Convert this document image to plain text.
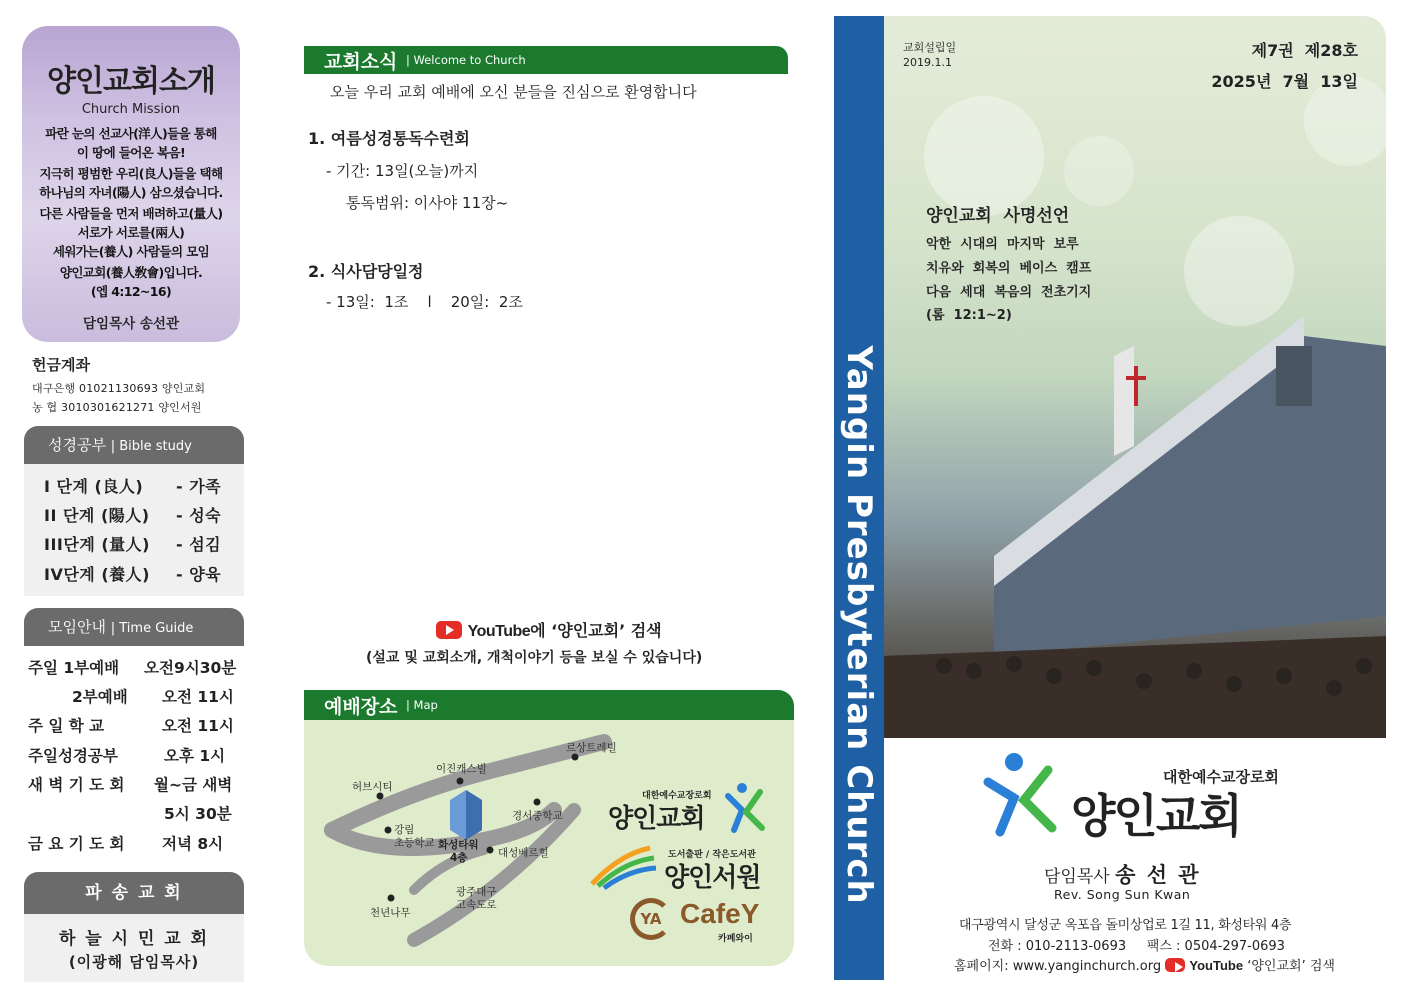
양인교회소개
Church Mission

파란 눈의 선교사(洋人)들을 통해
이 땅에 들어온 복음!

지극히 평범한 우리(良人)들을 택해
하나님의 자녀(陽人) 삼으셨습니다.

다른 사람들을 먼저 배려하고(量人)
서로가 서로를(兩人)
세워가는(養人) 사람들의 모임

양인교회(養人敎會)입니다.
(엡 4:12~16)

담임목사 송선관
헌금계좌
대구은행 01021130693 양인교회
농 협 3010301621271 양인서원
성경공부 | Bible study
I 단계 (良人) - 가족
II 단계 (陽人) - 성숙
III단계 (量人) - 섬김
IV단계 (養人) - 양육
모임안내 | Time Guide
주일 1부예배 오전9시30분
2부예배 오전 11시
주 일 학 교	오전 11시
주일성경공부	오후 1시
새 벽 기 도 회 월~금 새벽
5시 30분
금 요 기 도 회 저녁 8시
파 송 교 회
하 늘 시 민 교 회
(이광해 담임목사)
교회소식 | Welcome to Church
오늘 우리 교회 예배에 오신 분들을 진심으로 환영합니다
1. 여름성경통독수련회
- 기간: 13일(오늘)까지
통독범위: 이사야 11장~
2. 식사담당일정
- 13일:  1조    l    20일:  2조
YouTube에 ‘양인교회’ 검색
(설교 및 교회소개, 개척이야기 등을 보실 수 있습니다)
예배장소 | Map
르상트레빌
이진캐스빌
허브시티
경서중학교
강림
초등학교 화성타워
4층	대성베르힐
광주대구
고속도로
천년나무
대한예수교장로회
양인교회
도서출판 / 작은도서관
양인서원
YA CafeY
카페와이
Yangin Presbyterian Church
교회설립일
2019.1.1
제7권  제28호
2025년  7월  13일
양인교회  사명선언
악한  시대의  마지막  보루
치유와  회복의  베이스  캠프
다음  세대  복음의  전초기지
(롬  12:1~2)
대한예수교장로회
양인교회
담임목사 송 선 관
Rev. Song Sun Kwan
대구광역시 달성군 옥포읍 돌미상업로 1길 11, 화성타워 4층
전화 : 010-2113-0693     팩스 : 0504-297-0693
홈페이지: www.yanginchurch.org YouTube ‘양인교회’ 검색
